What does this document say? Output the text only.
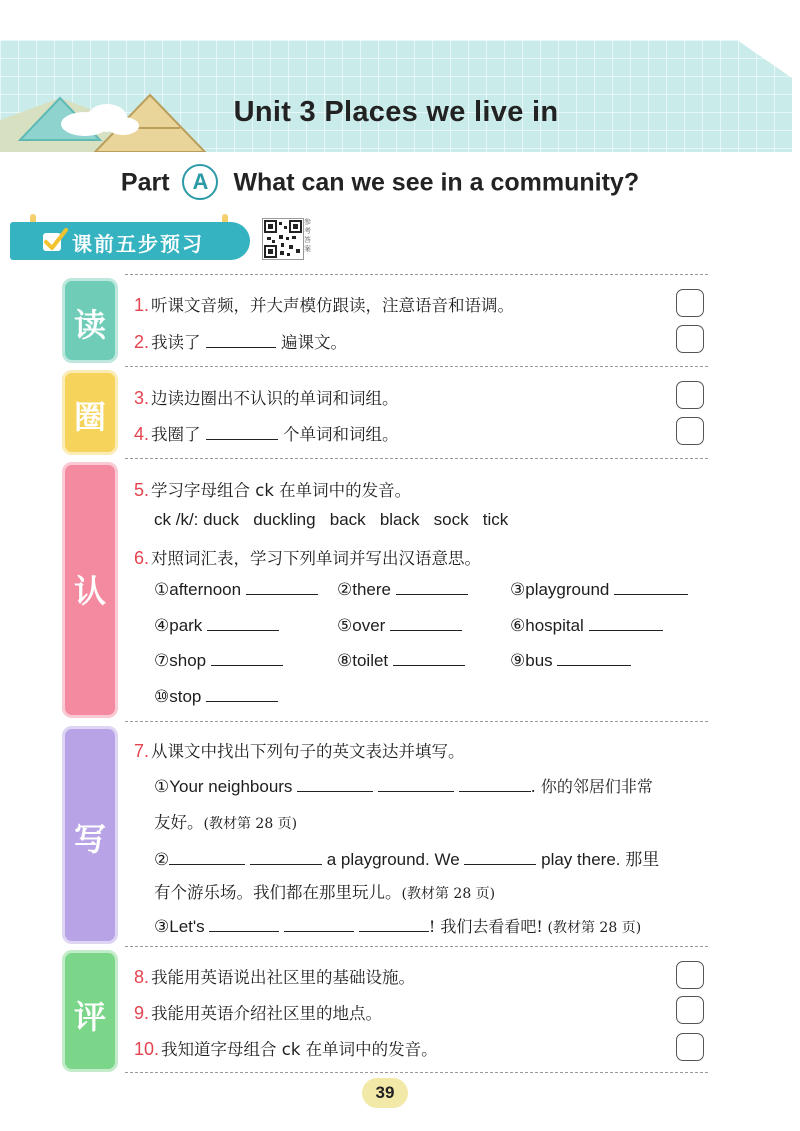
Unit 3 Places we live in
Part A What can we see in a community?
课前五步预习
参考答案
读
圈
认
写
评
1. 听课文音频，并大声模仿跟读，注意语音和语调。
2. 我读了	遍课文。
3. 边读边圈出不认识的单词和词组。
4. 我圈了	个单词和词组。
5. 学习字母组合 ck 在单词中的发音。
ck /k/: duck   duckling   back   black   sock   tick
6. 对照词汇表，学习下列单词并写出汉语意思。
①afternoon	②there	③playground
④park	⑤over	⑥hospital
⑦shop	⑧toilet	⑨bus
⑩stop
7. 从课文中找出下列句子的英文表达并填写。
①Your neighbours	. 你的邻居们非常
友好。(教材第 28 页)
②	a playground. We	play there. 那里
有个游乐场。我们都在那里玩儿。(教材第 28 页)
③Let's	! 我们去看看吧! (教材第 28 页)
8. 我能用英语说出社区里的基础设施。
9. 我能用英语介绍社区里的地点。
10. 我知道字母组合 ck 在单词中的发音。
39
